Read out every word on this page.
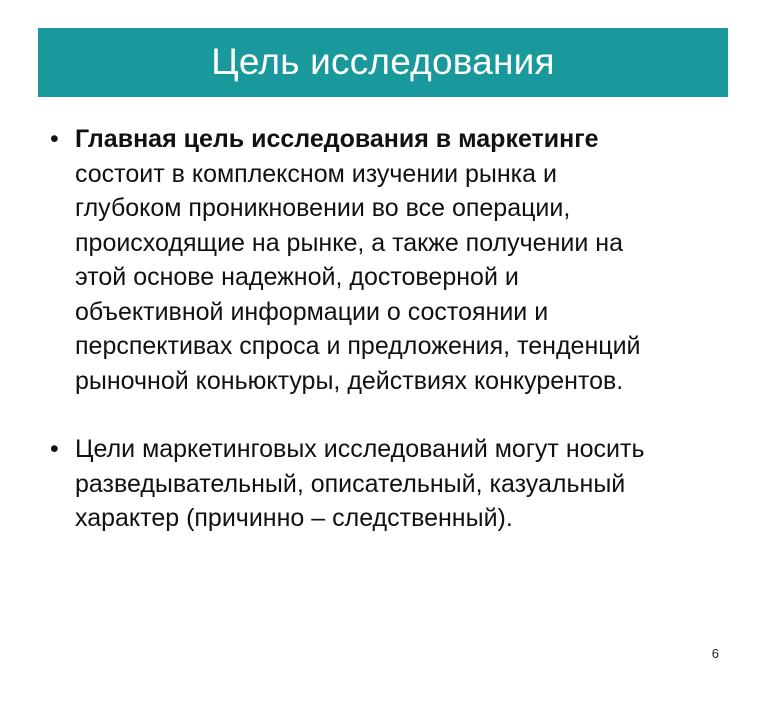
Цель исследования
• Главная цель исследования в маркетинге
состоит в комплексном изучении рынка и
глубоком проникновении во все операции,
происходящие на рынке, а также получении на
этой основе надежной, достоверной и
объективной информации о состоянии и
перспективах спроса и предложения, тенденций
рыночной коньюктуры, действиях конкурентов.
• Цели маркетинговых исследований могут носить
разведывательный, описательный, казуальный
характер (причинно – следственный).
6
